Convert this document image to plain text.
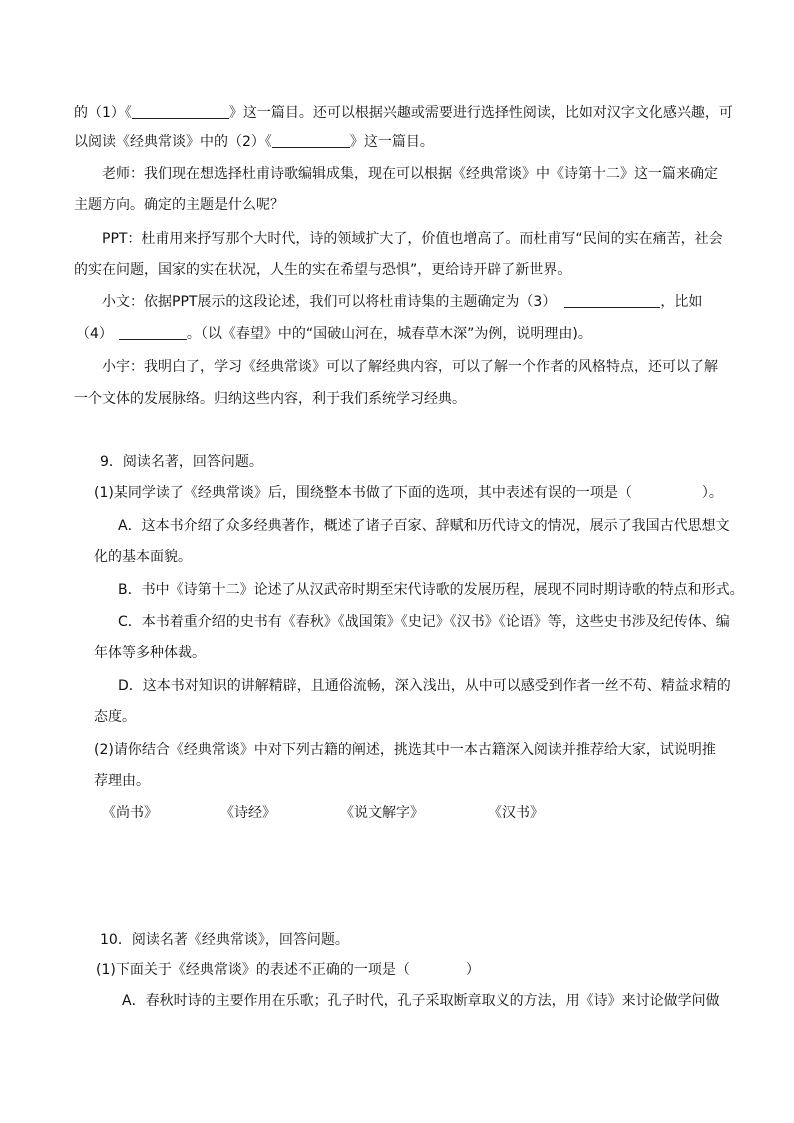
的（1）《	》这一篇目。还可以根据兴趣或需要进行选择性阅读，比如对汉字文化感兴趣，可
以阅读《经典常谈》中的（2）《	》这一篇目。
老师：我们现在想选择杜甫诗歌编辑成集，现在可以根据《经典常谈》中《诗第十二》这一篇来确定
主题方向。确定的主题是什么呢？
PPT：杜甫用来抒写那个大时代，诗的领域扩大了，价值也增高了。而杜甫写“民间的实在痛苦，社会
的实在问题，国家的实在状况，人生的实在希望与恐惧”，更给诗开辟了新世界。
小文：依据PPT展示的这段论述，我们可以将杜甫诗集的主题确定为（3）	，比如
（4）	。（以《春望》中的“国破山河在，城春草木深”为例，说明理由)。
小宇：我明白了，学习《经典常谈》可以了解经典内容，可以了解一个作者的风格特点，还可以了解
一个文体的发展脉络。归纳这些内容，利于我们系统学习经典。
9．阅读名著，回答问题。
(1)某同学读了《经典常谈》后，围绕整本书做了下面的选项，其中表述有误的一项是（　　　　　）。
A．这本书介绍了众多经典著作，概述了诸子百家、辞赋和历代诗文的情况，展示了我国古代思想文
化的基本面貌。
B．书中《诗第十二》论述了从汉武帝时期至宋代诗歌的发展历程，展现不同时期诗歌的特点和形式。
C．本书着重介绍的史书有《春秋》《战国策》《史记》《汉书》《论语》等，这些史书涉及纪传体、编
年体等多种体裁。
D．这本书对知识的讲解精辟，且通俗流畅，深入浅出，从中可以感受到作者一丝不苟、精益求精的
态度。
(2)请你结合《经典常谈》中对下列古籍的阐述，挑选其中一本古籍深入阅读并推荐给大家，试说明推
荐理由。
《尚书》	《诗经》	《说文解字》	《汉书》
10．阅读名著《经典常谈》，回答问题。
(1)下面关于《经典常谈》的表述不正确的一项是（　　　　）
A．春秋时诗的主要作用在乐歌；孔子时代，孔子采取断章取义的方法，用《诗》来讨论做学问做
